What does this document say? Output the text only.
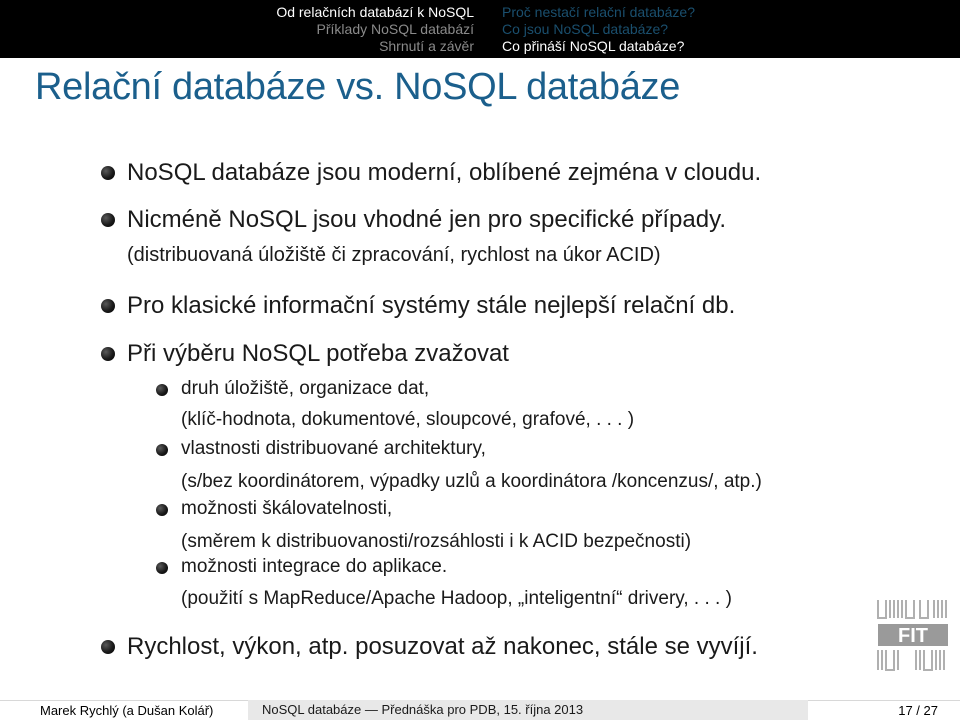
Od relačních databází k NoSQL
Příklady NoSQL databází
Shrnutí a závěr
Proč nestačí relační databáze?
Co jsou NoSQL databáze?
Co přináší NoSQL databáze?
Relační databáze vs. NoSQL databáze
NoSQL databáze jsou moderní, oblíbené zejména v cloudu.
Nicméně NoSQL jsou vhodné jen pro specifické případy.
(distribuovaná úložiště či zpracování, rychlost na úkor ACID)
Pro klasické informační systémy stále nejlepší relační db.
Při výběru NoSQL potřeba zvažovat
druh úložiště, organizace dat,
(klíč-hodnota, dokumentové, sloupcové, grafové, . . . )
vlastnosti distribuované architektury,
(s/bez koordinátorem, výpadky uzlů a koordinátora /koncenzus/, atp.)
možnosti škálovatelnosti,
(směrem k distribuovanosti/rozsáhlosti i k ACID bezpečnosti)
možnosti integrace do aplikace.
(použití s MapReduce/Apache Hadoop, „inteligentní“ drivery, . . . )
Rychlost, výkon, atp. posuzovat až nakonec, stále se vyvíjí.	FIT
Marek Rychlý (a Dušan Kolář)	NoSQL databáze — Přednáška pro PDB, 15. října 2013	17 / 27
